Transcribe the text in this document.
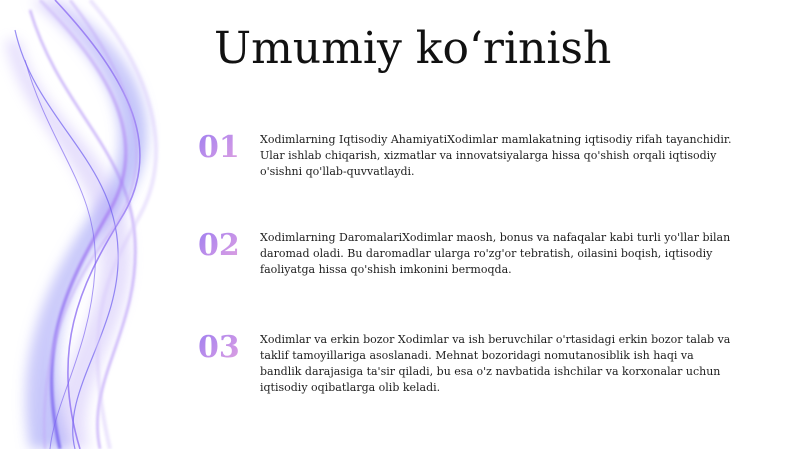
Umumiy ko‘rinish
01	Xodimlarning Iqtisodiy AhamiyatiXodimlar mamlakatning iqtisodiy rifah tayanchidir. Ular ishlab chiqarish, xizmatlar va innovatsiyalarga hissa qo'shish orqali iqtisodiy o'sishni qo'llab-quvvatlaydi.

02	Xodimlarning DaromalariXodimlar maosh, bonus va nafaqalar kabi turli yo'llar bilan daromad oladi. Bu daromadlar ularga ro'zg'or tebratish, oilasini boqish, iqtisodiy faoliyatga hissa qo'shish imkonini bermoqda.

03	Xodimlar va erkin bozor Xodimlar va ish beruvchilar o'rtasidagi erkin bozor talab va taklif tamoyillariga asoslanadi. Mehnat bozoridagi nomutanosiblik ish haqi va bandlik darajasiga ta'sir qiladi, bu esa o'z navbatida ishchilar va korxonalar uchun iqtisodiy oqibatlarga olib keladi.
